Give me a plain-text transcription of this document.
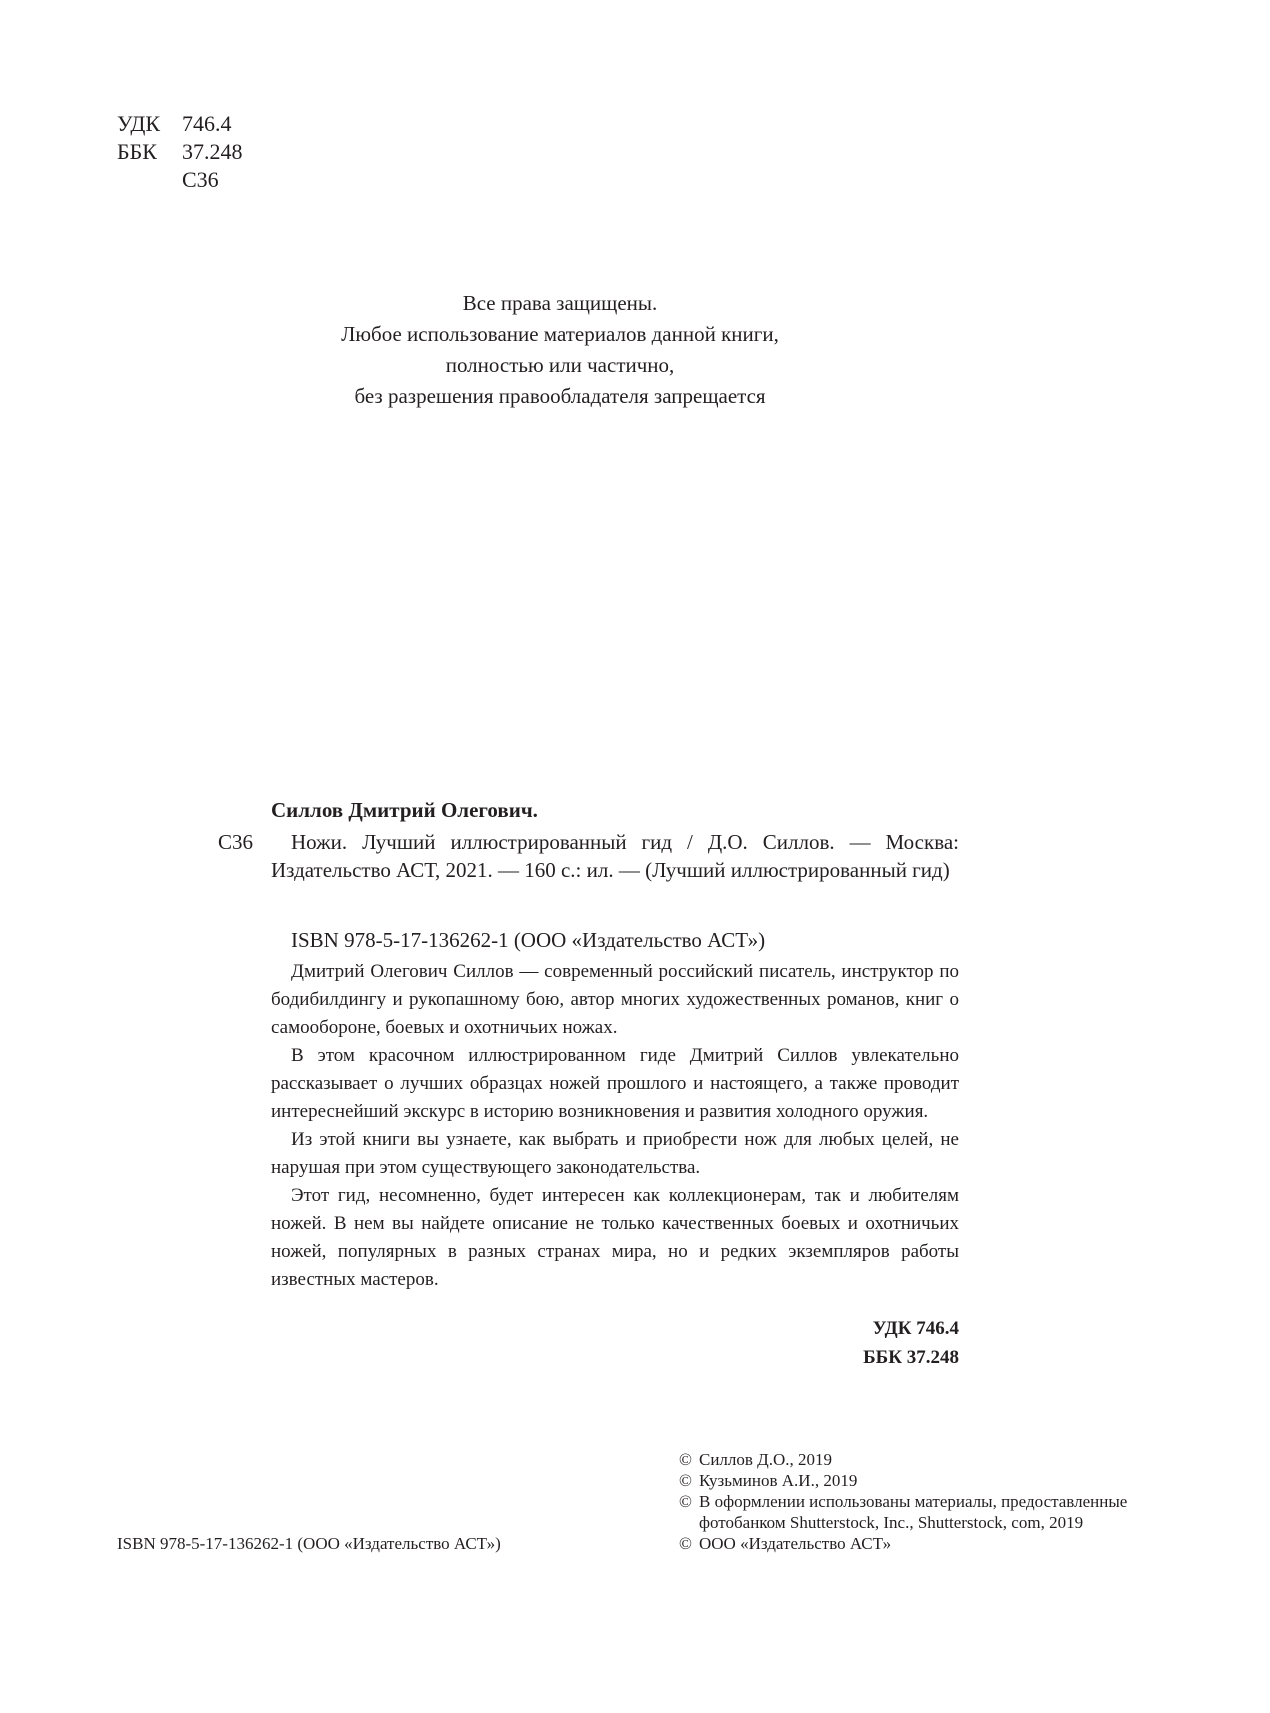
УДК 746.4
ББК	37.248
С36

Все права защищены.

Любое использование материалов данной книги,

полностью или частично,

без разрешения правообладателя запрещается

Силлов Дмитрий Олегович.
С36	Ножи. Лучший иллюстрированный гид / Д.О. Силлов. — Москва: Издательство АСТ, 2021. — 160 с.: ил. — (Лучший иллюстрированный гид)

ISBN 978-5-17-136262-1 (ООО «Издательство АСТ»)

Дмитрий Олегович Силлов — современный российский писатель, инструктор по бодибилдингу и рукопашному бою, автор многих художественных романов, книг о самообороне, боевых и охотничьих ножах.

В этом красочном иллюстрированном гиде Дмитрий Силлов увлекательно рассказывает о лучших образцах ножей прошлого и настоящего, а также проводит интереснейший экскурс в историю возникновения и развития холодного оружия.

Из этой книги вы узнаете, как выбрать и приобрести нож для любых целей, не нарушая при этом существующего законодательства.

Этот гид, несомненно, будет интересен как коллекционерам, так и любителям ножей. В нем вы найдете описание не только качественных боевых и охотничьих ножей, популярных в разных странах мира, но и редких экземпляров работы известных мастеров.

УДК 746.4
ББК 37.248
ISBN 978-5-17-136262-1 (ООО «Издательство АСТ»)
© Силлов Д.О., 2019
© Кузьминов А.И., 2019
© В оформлении использованы материалы, предоставленные фотобанком Shutterstock, Inc., Shutterstock, com, 2019
© ООО «Издательство АСТ»
